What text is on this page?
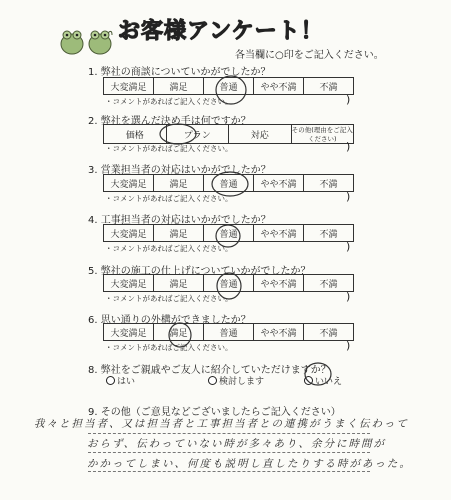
お客様アンケート！
各当欄に○印をご記入ください。
1. 弊社の商談についていかがでしたか？
大変満足	満足	普通	やや不満	不満
・コメントがあればご記入ください。	)
2. 弊社を選んだ決め手は何ですか？
価格	プラン	対応	その他(理由をご記入ください)
・コメントがあればご記入ください。	)
3. 営業担当者の対応はいかがでしたか？
大変満足	満足	普通	やや不満	不満
・コメントがあればご記入ください。	)
4. 工事担当者の対応はいかがでしたか？
大変満足	満足	普通	やや不満	不満
・コメントがあればご記入ください。	)
5. 弊社の施工の仕上げについていかがでしたか？
大変満足	満足	普通	やや不満	不満
・コメントがあればご記入ください。	)
6. 思い通りの外構ができましたか？
大変満足	満足	普通	やや不満	不満
・コメントがあればご記入ください。	)
8. 弊社をご親戚やご友人に紹介していただけますか？
はい	検討します	いいえ
9. その他（ご意見などございましたらご記入ください）
我々と担当者、又は担当者と工事担当者との連携がうまく伝わって
おらず、伝わっていない時が多々あり、余分に時間が
かかってしまい、何度も説明し直したりする時があった。
